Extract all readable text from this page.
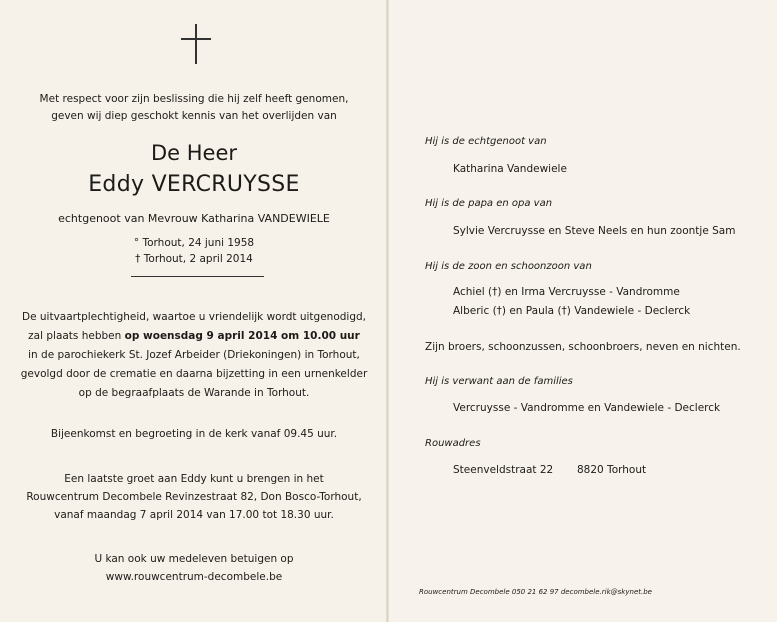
Met respect voor zijn beslissing die hij zelf heeft genomen,
geven wij diep geschokt kennis van het overlijden van
De Heer
Eddy VERCRUYSSE
echtgenoot van Mevrouw Katharina VANDEWIELE
° Torhout, 24 juni 1958
† Torhout, 2 april 2014
De uitvaartplechtigheid, waartoe u vriendelijk wordt uitgenodigd,
zal plaats hebben op woensdag 9 april 2014 om 10.00 uur
in de parochiekerk St. Jozef Arbeider (Driekoningen) in Torhout,
gevolgd door de crematie en daarna bijzetting in een urnenkelder
op de begraafplaats de Warande in Torhout.
Bijeenkomst en begroeting in de kerk vanaf 09.45 uur.
Een laatste groet aan Eddy kunt u brengen in het
Rouwcentrum Decombele Revinzestraat 82, Don Bosco-Torhout,
vanaf maandag 7 april 2014 van 17.00 tot 18.30 uur.
U kan ook uw medeleven betuigen op
www.rouwcentrum-decombele.be
Hij is de echtgenoot van
Katharina Vandewiele
Hij is de papa en opa van
Sylvie Vercruysse en Steve Neels en hun zoontje Sam
Hij is de zoon en schoonzoon van
Achiel (†) en Irma Vercruysse - Vandromme
Alberic (†) en Paula (†) Vandewiele - Declerck
Zijn broers, schoonzussen, schoonbroers, neven en nichten.
Hij is verwant aan de families
Vercruysse - Vandromme en Vandewiele - Declerck
Rouwadres
Steenveldstraat 22 8820 Torhout
Rouwcentrum Decombele 050 21 62 97 decombele.rik@skynet.be
